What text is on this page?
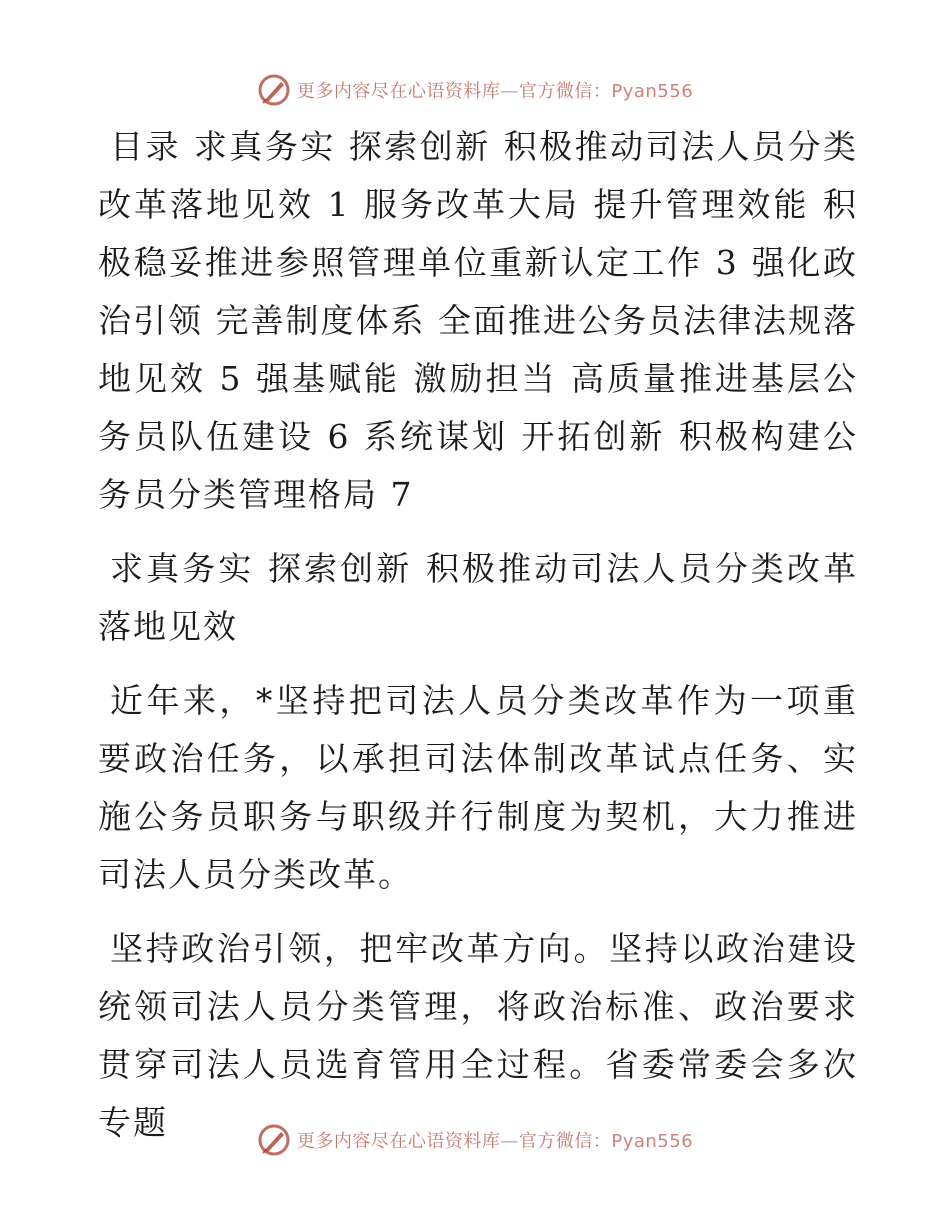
更多内容尽在心语资料库—官方微信：Pyan556

目录 求真务实 探索创新 积极推动司法人员分类改革落地见效 1 服务改革大局 提升管理效能 积极稳妥推进参照管理单位重新认定工作 3 强化政治引领 完善制度体系 全面推进公务员法律法规落地见效 5 强基赋能 激励担当 高质量推进基层公务员队伍建设 6 系统谋划 开拓创新 积极构建公务员分类管理格局 7

求真务实 探索创新 积极推动司法人员分类改革落地见效

近年来，*坚持把司法人员分类改革作为一项重要政治任务，以承担司法体制改革试点任务、实施公务员职务与职级并行制度为契机，大力推进司法人员分类改革。

坚持政治引领，把牢改革方向。坚持以政治建设统领司法人员分类管理，将政治标准、政治要求贯穿司法人员选育管用全过程。省委常委会多次专题	更多内容尽在心语资料库—官方微信：Pyan556
